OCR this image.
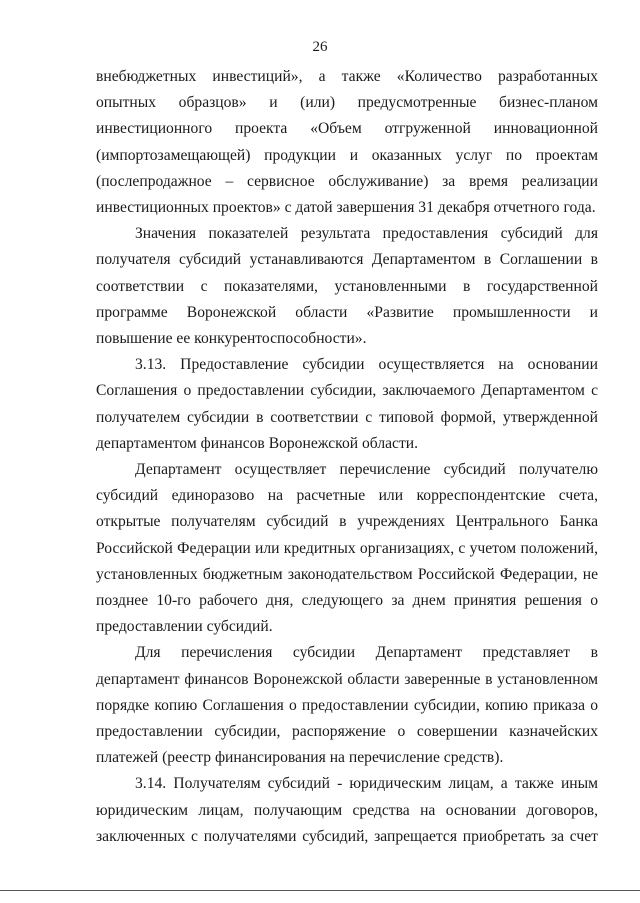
26

внебюджетных инвестиций», а также «Количество разработанных опытных образцов» и (или) предусмотренные бизнес-планом инвестиционного проекта «Объем отгруженной инновационной (импортозамещающей) продукции и оказанных услуг по проектам (послепродажное – сервисное обслуживание) за время реализации инвестиционных проектов» с датой завершения 31 декабря отчетного года.

Значения показателей результата предоставления субсидий для получателя субсидий устанавливаются Департаментом в Соглашении в соответствии с показателями, установленными в государственной программе Воронежской области «Развитие промышленности и повышение ее конкурентоспособности».

3.13. Предоставление субсидии осуществляется на основании Соглашения о предоставлении субсидии, заключаемого Департаментом с получателем субсидии в соответствии с типовой формой, утвержденной департаментом финансов Воронежской области.

Департамент осуществляет перечисление субсидий получателю субсидий единоразово на расчетные или корреспондентские счета, открытые получателям субсидий в учреждениях Центрального Банка Российской Федерации или кредитных организациях, с учетом положений, установленных бюджетным законодательством Российской Федерации, не позднее 10-го рабочего дня, следующего за днем принятия решения о предоставлении субсидий.

Для перечисления субсидии Департамент представляет в департамент финансов Воронежской области заверенные в установленном порядке копию Соглашения о предоставлении субсидии, копию приказа о предоставлении субсидии, распоряжение о совершении казначейских платежей (реестр финансирования на перечисление средств).

3.14. Получателям субсидий - юридическим лицам, а также иным юридическим лицам, получающим средства на основании договоров, заключенных с получателями субсидий, запрещается приобретать за счет
